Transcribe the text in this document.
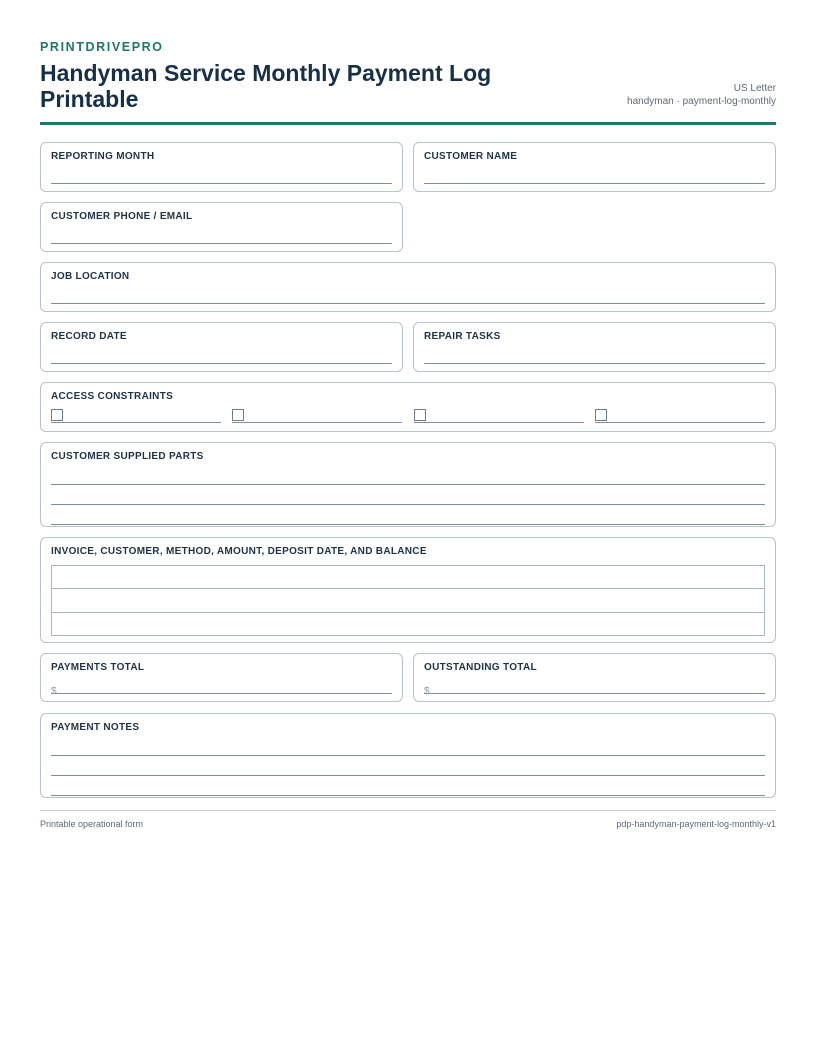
PRINTDRIVEPRO
Handyman Service Monthly Payment Log Printable	US Letter
handyman · payment-log-monthly
REPORTING MONTH	CUSTOMER NAME
CUSTOMER PHONE / EMAIL
JOB LOCATION
RECORD DATE	REPAIR TASKS
ACCESS CONSTRAINTS
CUSTOMER SUPPLIED PARTS
INVOICE, CUSTOMER, METHOD, AMOUNT, DEPOSIT DATE, AND BALANCE

PAYMENTS TOTAL
$
OUTSTANDING TOTAL
$
PAYMENT NOTES
Printable operational form	pdp-handyman-payment-log-monthly-v1
